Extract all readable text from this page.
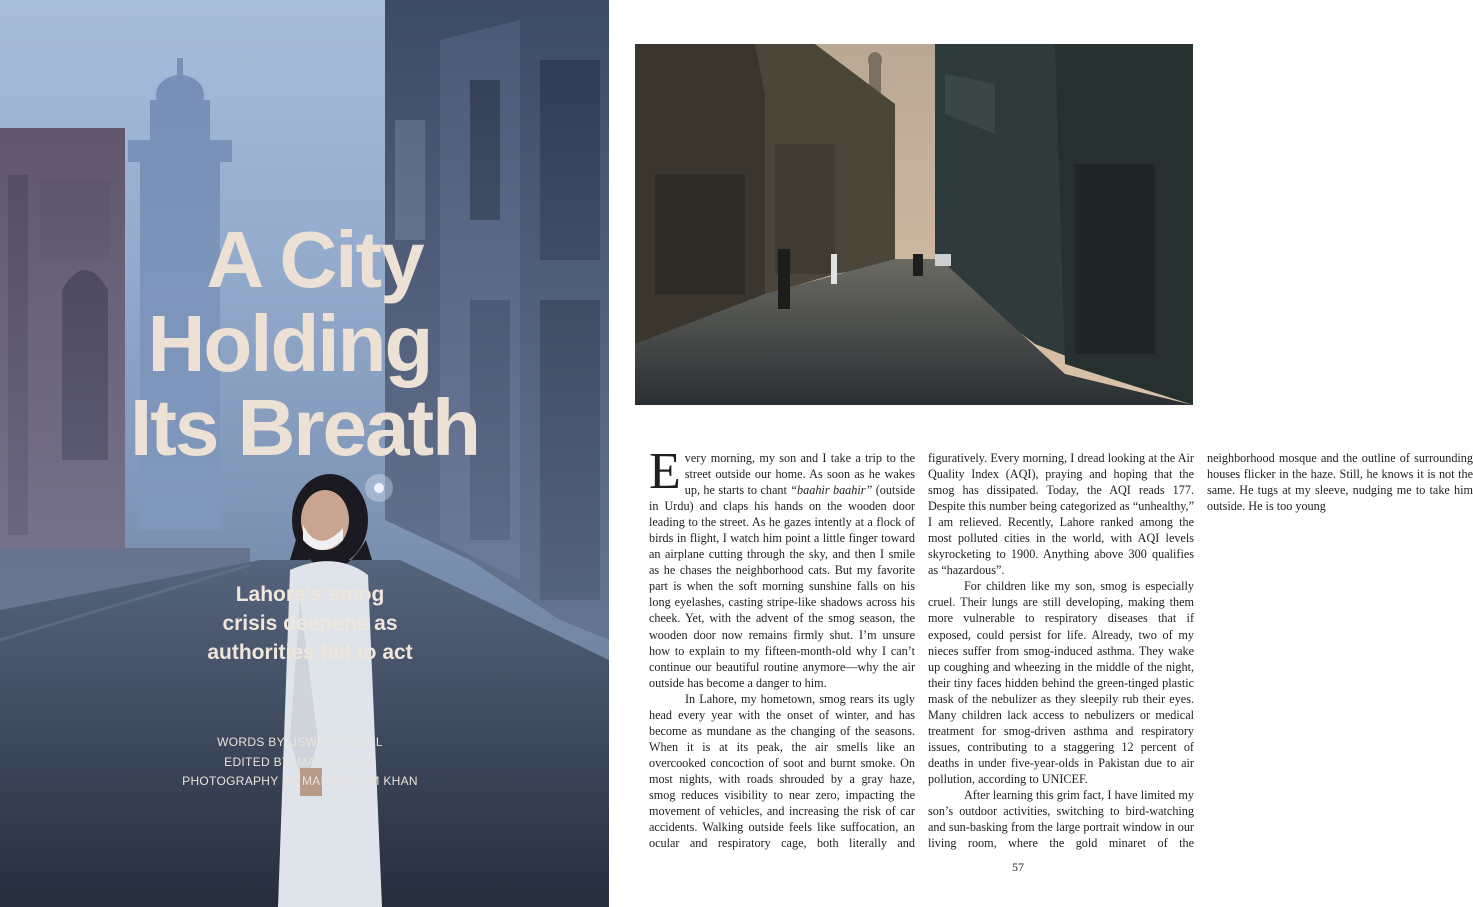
A City
Holding
Its Breath
Lahore’s smog
crisis deepens as
authorities fail to act
WORDS BY USWA SHAMAIL
EDITED BY IMAN SULTAN
PHOTOGRAPHY BY MAHIN AZAM KHAN

Every morning, my son and I take a trip to the street outside our home. As soon as he wakes up, he starts to chant “baahir baahir” (outside in Urdu) and claps his hands on the wooden door leading to the street. As he gazes intently at a flock of birds in flight, I watch him point a little finger toward an airplane cutting through the sky, and then I smile as he chases the neighborhood cats. But my favorite part is when the soft morning sunshine falls on his long eyelashes, casting stripe-like shadows across his cheek. Yet, with the advent of the smog season, the wooden door now remains firmly shut. I’m unsure how to explain to my fifteen-month-old why I can’t continue our beautiful routine anymore—why the air outside has become a danger to him.

In Lahore, my hometown, smog rears its ugly head every year with the onset of winter, and has become as mundane as the changing of the seasons. When it is at its peak, the air smells like an overcooked concoction of soot and burnt smoke. On most nights, with roads shrouded by a gray haze, smog reduces visibility to near zero, impacting the movement of vehicles, and increasing the risk of car accidents. Walking outside feels like suffocation, an ocular and respiratory cage, both literally and figuratively. Every morning, I dread looking at the Air Quality Index (AQI), praying and hoping that the smog has dissipated. Today, the AQI reads 177. Despite this number being categorized as “unhealthy,” I am relieved. Recently, Lahore ranked among the most polluted cities in the world, with AQI levels skyrocketing to 1900. Anything above 300 qualifies as “hazardous”.

For children like my son, smog is especially cruel. Their lungs are still developing, making them more vulnerable to respiratory diseases that if exposed, could persist for life. Already, two of my nieces suffer from smog-induced asthma. They wake up coughing and wheezing in the middle of the night, their tiny faces hidden behind the green-tinged plastic mask of the nebulizer as they sleepily rub their eyes. Many children lack access to nebulizers or medical treatment for smog-driven asthma and respiratory issues, contributing to a staggering 12 percent of deaths in under five-year-olds in Pakistan due to air pollution, according to UNICEF.

After learning this grim fact, I have limited my son’s outdoor activities, switching to bird-watching and sun-basking from the large portrait window in our living room, where the gold minaret of the neighborhood mosque and the outline of surrounding houses flicker in the haze. Still, he knows it is not the same. He tugs at my sleeve, nudging me to take him outside. He is too young

57
